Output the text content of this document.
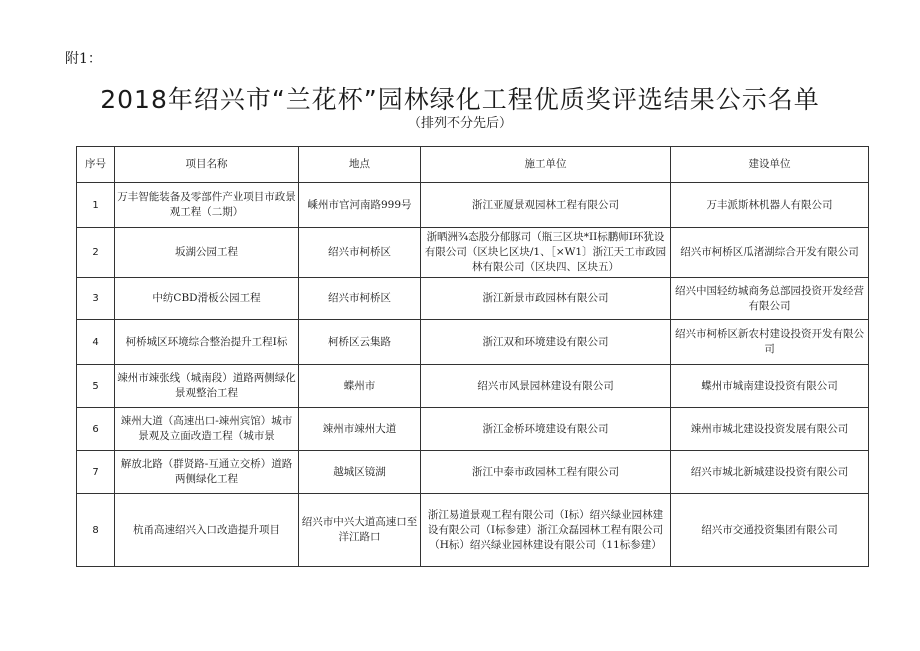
附1：
2018年绍兴市“兰花杯”园林绿化工程优质奖评选结果公示名单
（排列不分先后）
序号	项目名称	地点	施工单位	建设单位
1	万丰智能装备及零部件产业项目市政景观工程（二期）	嵊州市官河南路999号	浙江亚厦景观园林工程有限公司	万丰派斯林机器人有限公司
2	坂湖公园工程	绍兴市柯桥区	浙晒洲¾态股分郁豚司（瓶三区块*II标鹏师I环犹设有限公司（区块匕区块/1、［×W1〕浙江天工市政园林有限公司（区块四、区块五）	绍兴市柯桥区瓜渚湖综合开发有限公司
3	中纺CBD滑板公园工程	绍兴市柯桥区	浙江新景市政园林有限公司	绍兴中国轻纺城商务总部园投资开发经营有限公司
4	柯桥城区环境综合整治提升工程I标	柯桥区云集路	浙江双和环境建设有限公司	绍兴市柯桥区新农村建设投资开发有限公司
5	竦州市竦张线（城南段）道路两侧绿化景观整治工程	蝶州市	绍兴市风景园林建设有限公司	蝶州市城南建设投资有限公司
6	竦州大道（高速出口-竦州宾馆）城市景观及立面改造工程（城市景	竦州市竦州大道	浙江金桥环境建设有限公司	竦州市城北建设投资发展有限公司
7	解放北路（群贤路-互通立交桥）道路两侧绿化工程	越城区镜湖	浙江中泰市政园林工程有限公司	绍兴市城北新城建设投资有限公司
8	杭甬高速绍兴入口改造提升项目	绍兴市中兴大道高速口至洋江路口	浙江易道景观工程有限公司（I标）绍兴绿业园林建设有限公司（I标参建）浙江众磊园林工程有限公司（H标）绍兴绿业园林建设有限公司（11标参建）	绍兴市交通投资集团有限公司
